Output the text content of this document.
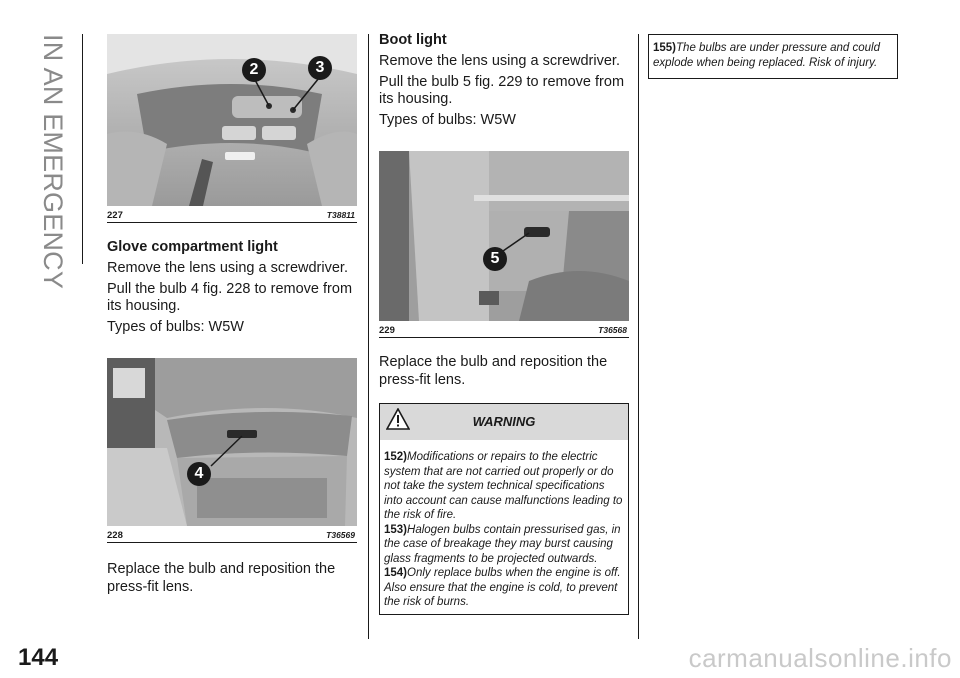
IN AN EMERGENCY	2	3
227	T38811
Glove compartment light

Remove the lens using a screwdriver.

Pull the bulb 4 fig. 228 to remove from its housing.

Types of bulbs: W5W

4
228	T36569

Replace the bulb and reposition the press-fit lens.

Boot light

Remove the lens using a screwdriver.

Pull the bulb 5 fig. 229 to remove from its housing.

Types of bulbs: W5W

5
229	T36568

Replace the bulb and reposition the press-fit lens.

WARNING
152)Modifications or repairs to the electric system that are not carried out properly or do not take the system technical specifications into account can cause malfunctions leading to the risk of fire.
153)Halogen bulbs contain pressurised gas, in the case of breakage they may burst causing glass fragments to be projected outwards.
154)Only replace bulbs when the engine is off. Also ensure that the engine is cold, to prevent the risk of burns.
155)The bulbs are under pressure and could explode when being replaced. Risk of injury.
144	carmanualsonline.info
